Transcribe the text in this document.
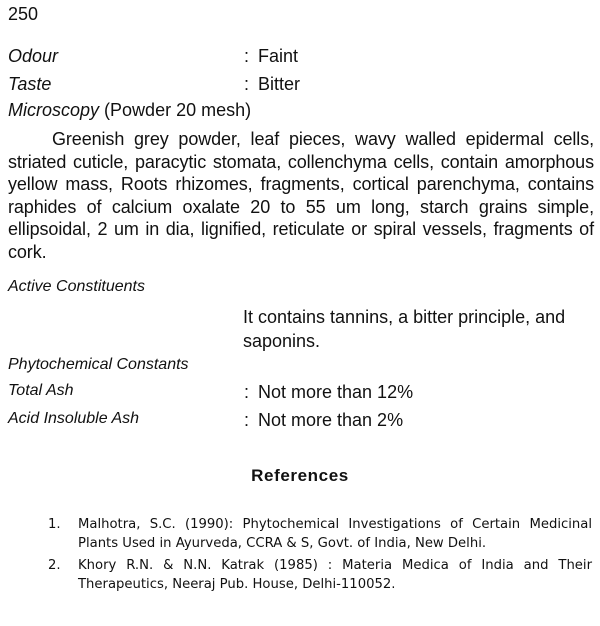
250
Odour	: Faint
Taste	: Bitter
Microscopy (Powder 20 mesh)
Greenish grey powder, leaf pieces, wavy walled epidermal cells, striated cuticle, paracytic stomata, collenchyma cells, contain amorphous yellow mass, Roots rhizomes, fragments, cortical parenchyma, contains raphides of calcium oxalate 20 to 55 um long, starch grains simple, ellipsoidal, 2 um in dia, lignified, reticulate or spiral vessels, fragments of cork.
Active Constituents
It contains tannins, a bitter principle, and saponins.
Phytochemical Constants
Total Ash	: Not more than 12%
Acid Insoluble Ash	: Not more than 2%
References
1. Malhotra, S.C. (1990): Phytochemical Investigations of Certain Medicinal Plants Used in Ayurveda, CCRA & S, Govt. of India, New Delhi.
2. Khory R.N. & N.N. Katrak (1985) : Materia Medica of India and Their Therapeutics, Neeraj Pub. House, Delhi-110052.
